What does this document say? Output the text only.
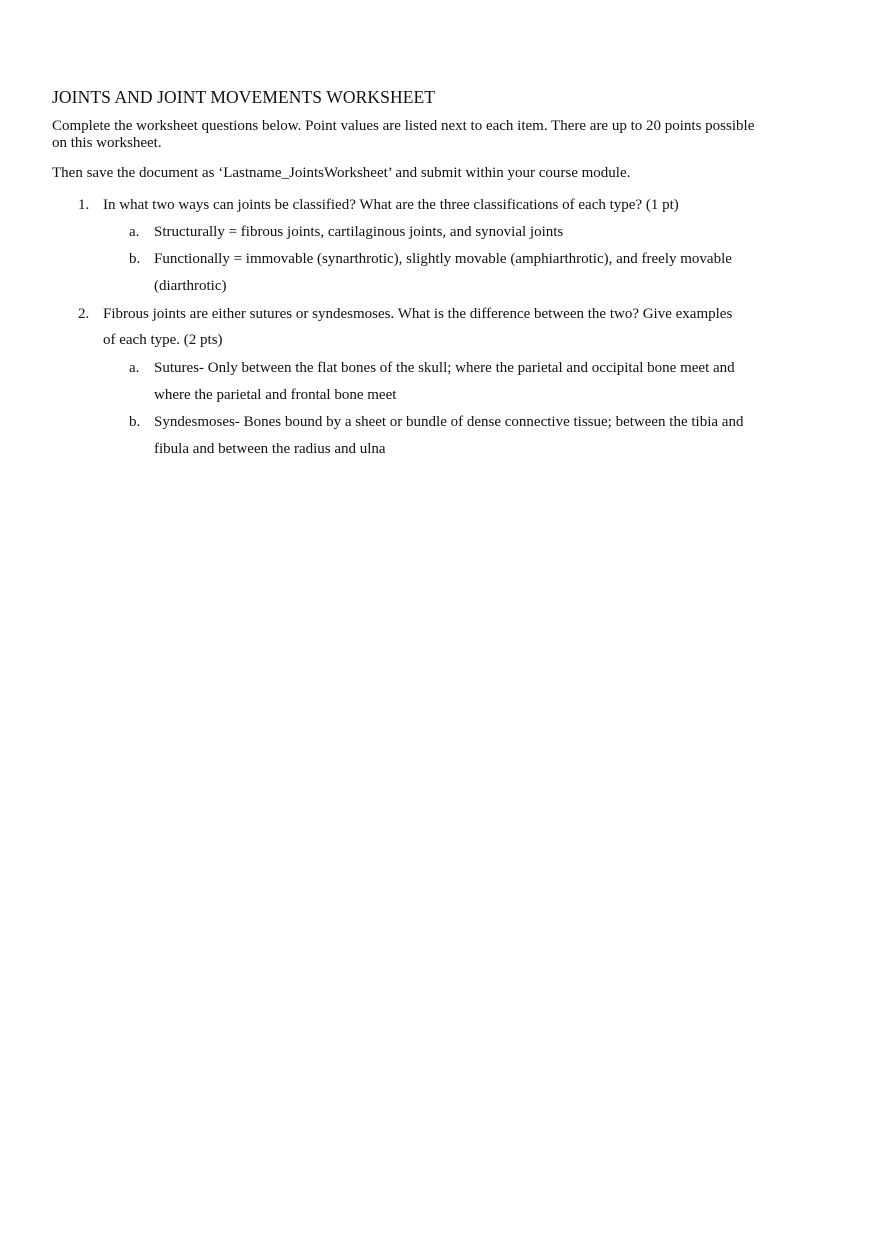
JOINTS AND JOINT MOVEMENTS WORKSHEET
Complete the worksheet questions below. Point values are listed next to each item. There are up to 20 points possible on this worksheet.
Then save the document as ‘Lastname_JointsWorksheet’ and submit within your course module.
1. In what two ways can joints be classified? What are the three classifications of each type? (1 pt)
a. Structurally = fibrous joints, cartilaginous joints, and synovial joints
b. Functionally = immovable (synarthrotic), slightly movable (amphiarthrotic), and freely movable (diarthrotic)
2. Fibrous joints are either sutures or syndesmoses. What is the difference between the two? Give examples of each type. (2 pts)
a. Sutures- Only between the flat bones of the skull; where the parietal and occipital bone meet and where the parietal and frontal bone meet
b. Syndesmoses- Bones bound by a sheet or bundle of dense connective tissue; between the tibia and fibula and between the radius and ulna
